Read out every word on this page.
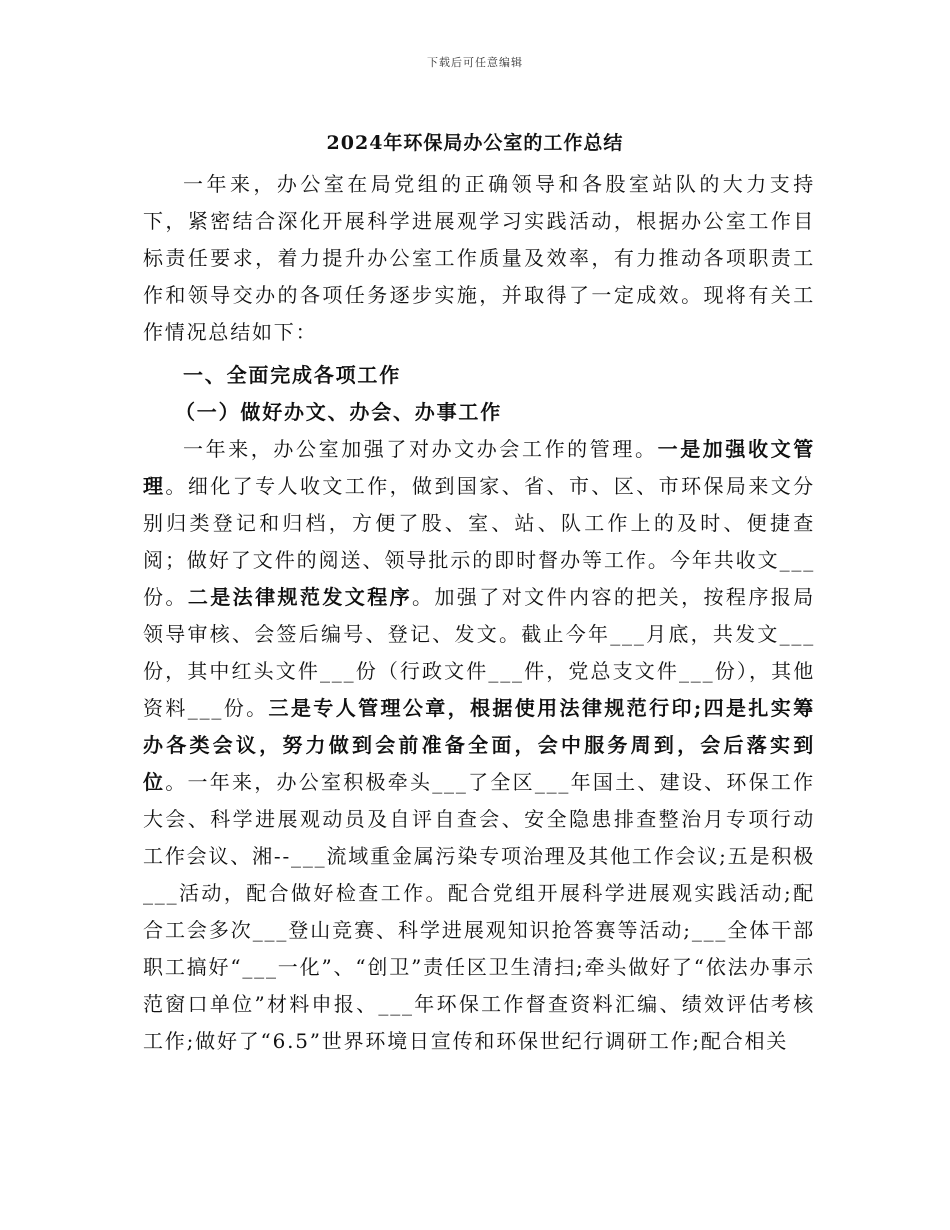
下载后可任意编辑
2024年环保局办公室的工作总结

一年来，办公室在局党组的正确领导和各股室站队的大力支持下，紧密结合深化开展科学进展观学习实践活动，根据办公室工作目标责任要求，着力提升办公室工作质量及效率，有力推动各项职责工作和领导交办的各项任务逐步实施，并取得了一定成效。现将有关工作情况总结如下：

一、全面完成各项工作

（一）做好办文、办会、办事工作

一年来，办公室加强了对办文办会工作的管理。一是加强收文管理。细化了专人收文工作，做到国家、省、市、区、市环保局来文分别归类登记和归档，方便了股、室、站、队工作上的及时、便捷查阅；做好了文件的阅送、领导批示的即时督办等工作。今年共收文___份。二是法律规范发文程序。加强了对文件内容的把关，按程序报局领导审核、会签后编号、登记、发文。截止今年___月底，共发文___份，其中红头文件___份（行政文件___件，党总支文件___份），其他资料___份。三是专人管理公章，根据使用法律规范行印;四是扎实筹办各类会议，努力做到会前准备全面，会中服务周到，会后落实到位。一年来，办公室积极牵头___了全区___年国土、建设、环保工作大会、科学进展观动员及自评自查会、安全隐患排查整治月专项行动工作会议、湘--___流域重金属污染专项治理及其他工作会议;五是积极___活动，配合做好检查工作。配合党组开展科学进展观实践活动;配合工会多次___登山竞赛、科学进展观知识抢答赛等活动;___全体干部职工搞好“___一化”、“创卫”责任区卫生清扫;牵头做好了“依法办事示范窗口单位”材料申报、___年环保工作督查资料汇编、绩效评估考核工作;做好了“6.5”世界环境日宣传和环保世纪行调研工作;配合相关
